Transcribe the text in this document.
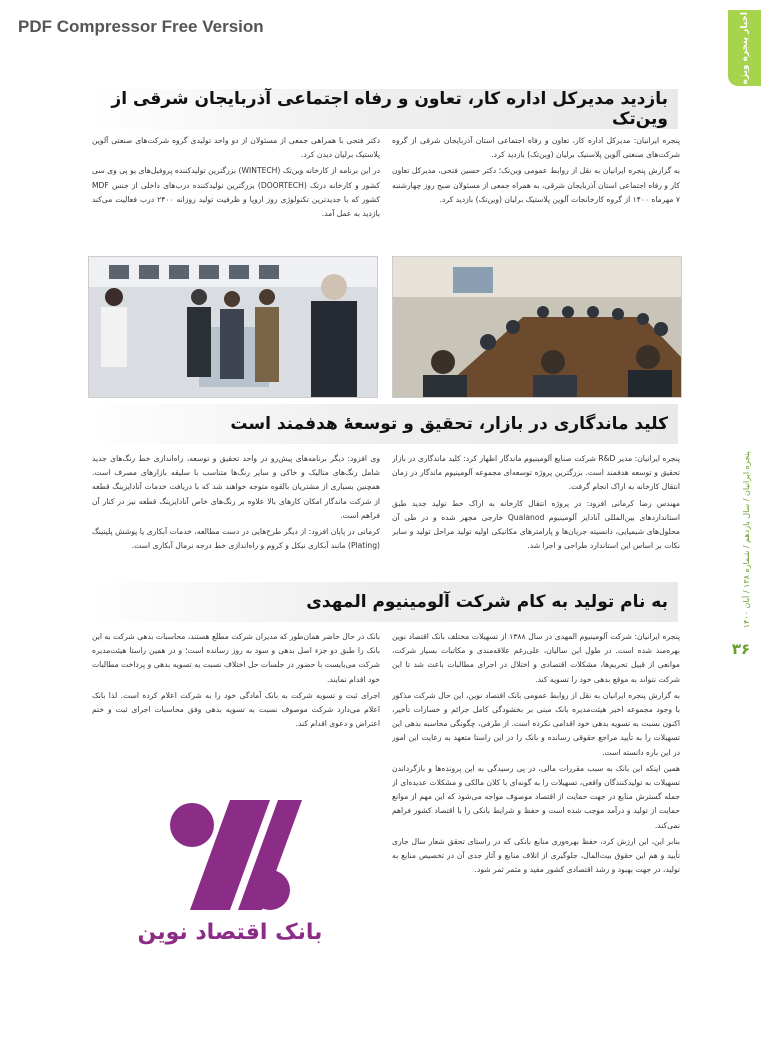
PDF Compressor Free Version	اخبار پنجره ویژه
پنجره ایرانیان / سال یازدهم / شماره ۱۳۸ / آبان ۱۴۰۰
۳۶
بازدید مدیرکل اداره کار، تعاون و رفاه اجتماعی آذربایجان شرقی از وین‌تک

پنجره ایرانیان: مدیرکل اداره کار، تعاون و رفاه اجتماعی استان آذربایجان شرقی از گروه شرکت‌های صنعتی آلوین پلاستیک برلیان (وین‌تک) بازدید کرد.

به گزارش پنجره ایرانیان به نقل از روابط عمومی وین‌تک؛ دکتر حسین فتحی، مدیرکل تعاون کار و رفاه اجتماعی استان آذربایجان شرقی، به همراه جمعی از مسئولان صبح روز چهارشنبه ۷ مهرماه ۱۴۰۰ از گروه کارخانجات آلوین پلاستیک برلیان (وین‌تک) بازدید کرد.

دکتر فتحی با همراهی جمعی از مسئولان از دو واحد تولیدی گروه شرکت‌های صنعتی آلوین پلاستیک برلیان دیدن کرد.

در این برنامه از کارخانه وین‌تک (WINTECH) بزرگترین تولیدکننده پروفیل‌های یو پی وی سی کشور و کارخانه درتک (DOORTECH) بزرگترین تولیدکننده درب‌های داخلی از جنس MDF کشور که با جدیدترین تکنولوژی روز اروپا و ظرفیت تولید روزانه ۲۴۰۰ درب فعالیت می‌کند بازدید به عمل آمد.

کلید ماندگاری در بازار، تحقیق و توسعهٔ هدفمند است

پنجره ایرانیان: مدیر R&D شرکت صنایع آلومینیوم ماندگار اظهار کرد: کلید ماندگاری در بازار تحقیق و توسعه هدفمند است. بزرگترین پروژه توسعه‌ای مجموعه آلومینیوم ماندگار در زمان انتقال کارخانه به اراک انجام گرفت.

مهندس رضا کرمانی افزود: در پروژه انتقال کارخانه به اراک خط تولید جدید طبق استانداردهای بین‌المللی آنادایز آلومینیوم Qualanod خارجی مجهز شده و در طی آن محلول‌های شیمیایی، دانسیته جریان‌ها و پارامترهای مکانیکی اولیه تولید مراحل تولید و سایر نکات بر اساس این استاندارد طراحی و اجرا شد.

وی افزود: دیگر برنامه‌های پیش‌رو در واحد تحقیق و توسعه، راه‌اندازی خط رنگ‌های جدید شامل رنگ‌های متالیک و خاکی و سایر رنگ‌ها متناسب با سلیقه بازارهای مصرف است. همچنین بسیاری از مشتریان بالقوه متوجه خواهند شد که با دریافت خدمات آنادایزینگ قطعه از شرکت ماندگار امکان کارهای بالا علاوه بر رنگ‌های خاص آنادایزینگ قطعه نیز در کنار آن فراهم است.

کرمانی در پایان افزود: از دیگر طرح‌هایی در دست مطالعه، خدمات آبکاری یا پوشش پلیتینگ (Plating) مانند آبکاری نیکل و کروم و راه‌اندازی خط درجه نرمال آبکاری است.

به نام تولید به کام شرکت آلومینیوم المهدی

پنجره ایرانیان: شرکت آلومینیوم المهدی در سال ۱۳۸۸ از تسهیلات مختلف بانک اقتصاد نوین بهره‌مند شده است. در طول این سالیان، علی‌رغم علاقه‌مندی و مکاتبات بسیار شرکت، موانعی از قبیل تحریم‌ها، مشکلات اقتصادی و اختلال در اجرای مطالبات باعث شد تا این شرکت نتواند به موقع بدهی خود را تسویه کند.

به گزارش پنجره ایرانیان به نقل از روابط عمومی بانک اقتصاد نوین، این حال شرکت مذکور با وجود مجموعه اخیر هیئت‌مدیره بانک مبنی بر بخشودگی کامل جرائم و خسارات تأخیر، اکنون نسبت به تسویه بدهی خود اقدامی نکرده است. از طرفی، چگونگی محاسبه بدهی این تسهیلات را به تأیید مراجع حقوقی رسانده و بانک را در این راستا متعهد به رعایت این امور در این باره دانسته است.

همین اینکه این بانک به سبب مقررات مالی، در پی رسیدگی به این پرونده‌ها و بازگرداندن تسهیلات به تولیدکنندگان واقعی، تسهیلات را به گونه‌ای با کلان مالکی و مشکلات عدیده‌ای از جمله گسترش منابع در جهت حمایت از اقتصاد موصوف مواجه می‌شود که این مهم از موانع حمایت از تولید و درآمد موجب شده است و حفظ و شرایط بانکی را با اقتصاد کشور فراهم نمی‌کند.

بنابر این، این ارزش کرد، حفظ بهره‌وری منابع بانکی که در راستای تحقق شعار سال جاری تأیید و هم این حقوق بیت‌المال، جلوگیری از اتلاف منابع و آثار جدی آن در تخصیص منابع به تولید، در جهت بهبود و رشد اقتصادی کشور مفید و مثمر ثمر شود.

بانک در حال حاضر همان‌طور که مدیران شرکت مطلع هستند، محاسبات بدهی شرکت به این بانک را طبق دو جزء اصل بدهی و سود به روز رسانده است؛ و در همین راستا هیئت‌مدیره شرکت می‌بایست با حضور در جلسات حل اختلاف نسبت به تسویه بدهی و پرداخت مطالبات خود اقدام نمایند.

اجرای ثبت و تسویه شرکت به بانک آمادگی خود را به شرکت اعلام کرده است. لذا بانک اعلام می‌دارد شرکت موصوف نسبت به تسویه بدهی وفق محاسبات اجرای ثبت و ختم اعتراض و دعوی اقدام کند.

بانک اقتصاد نوین
